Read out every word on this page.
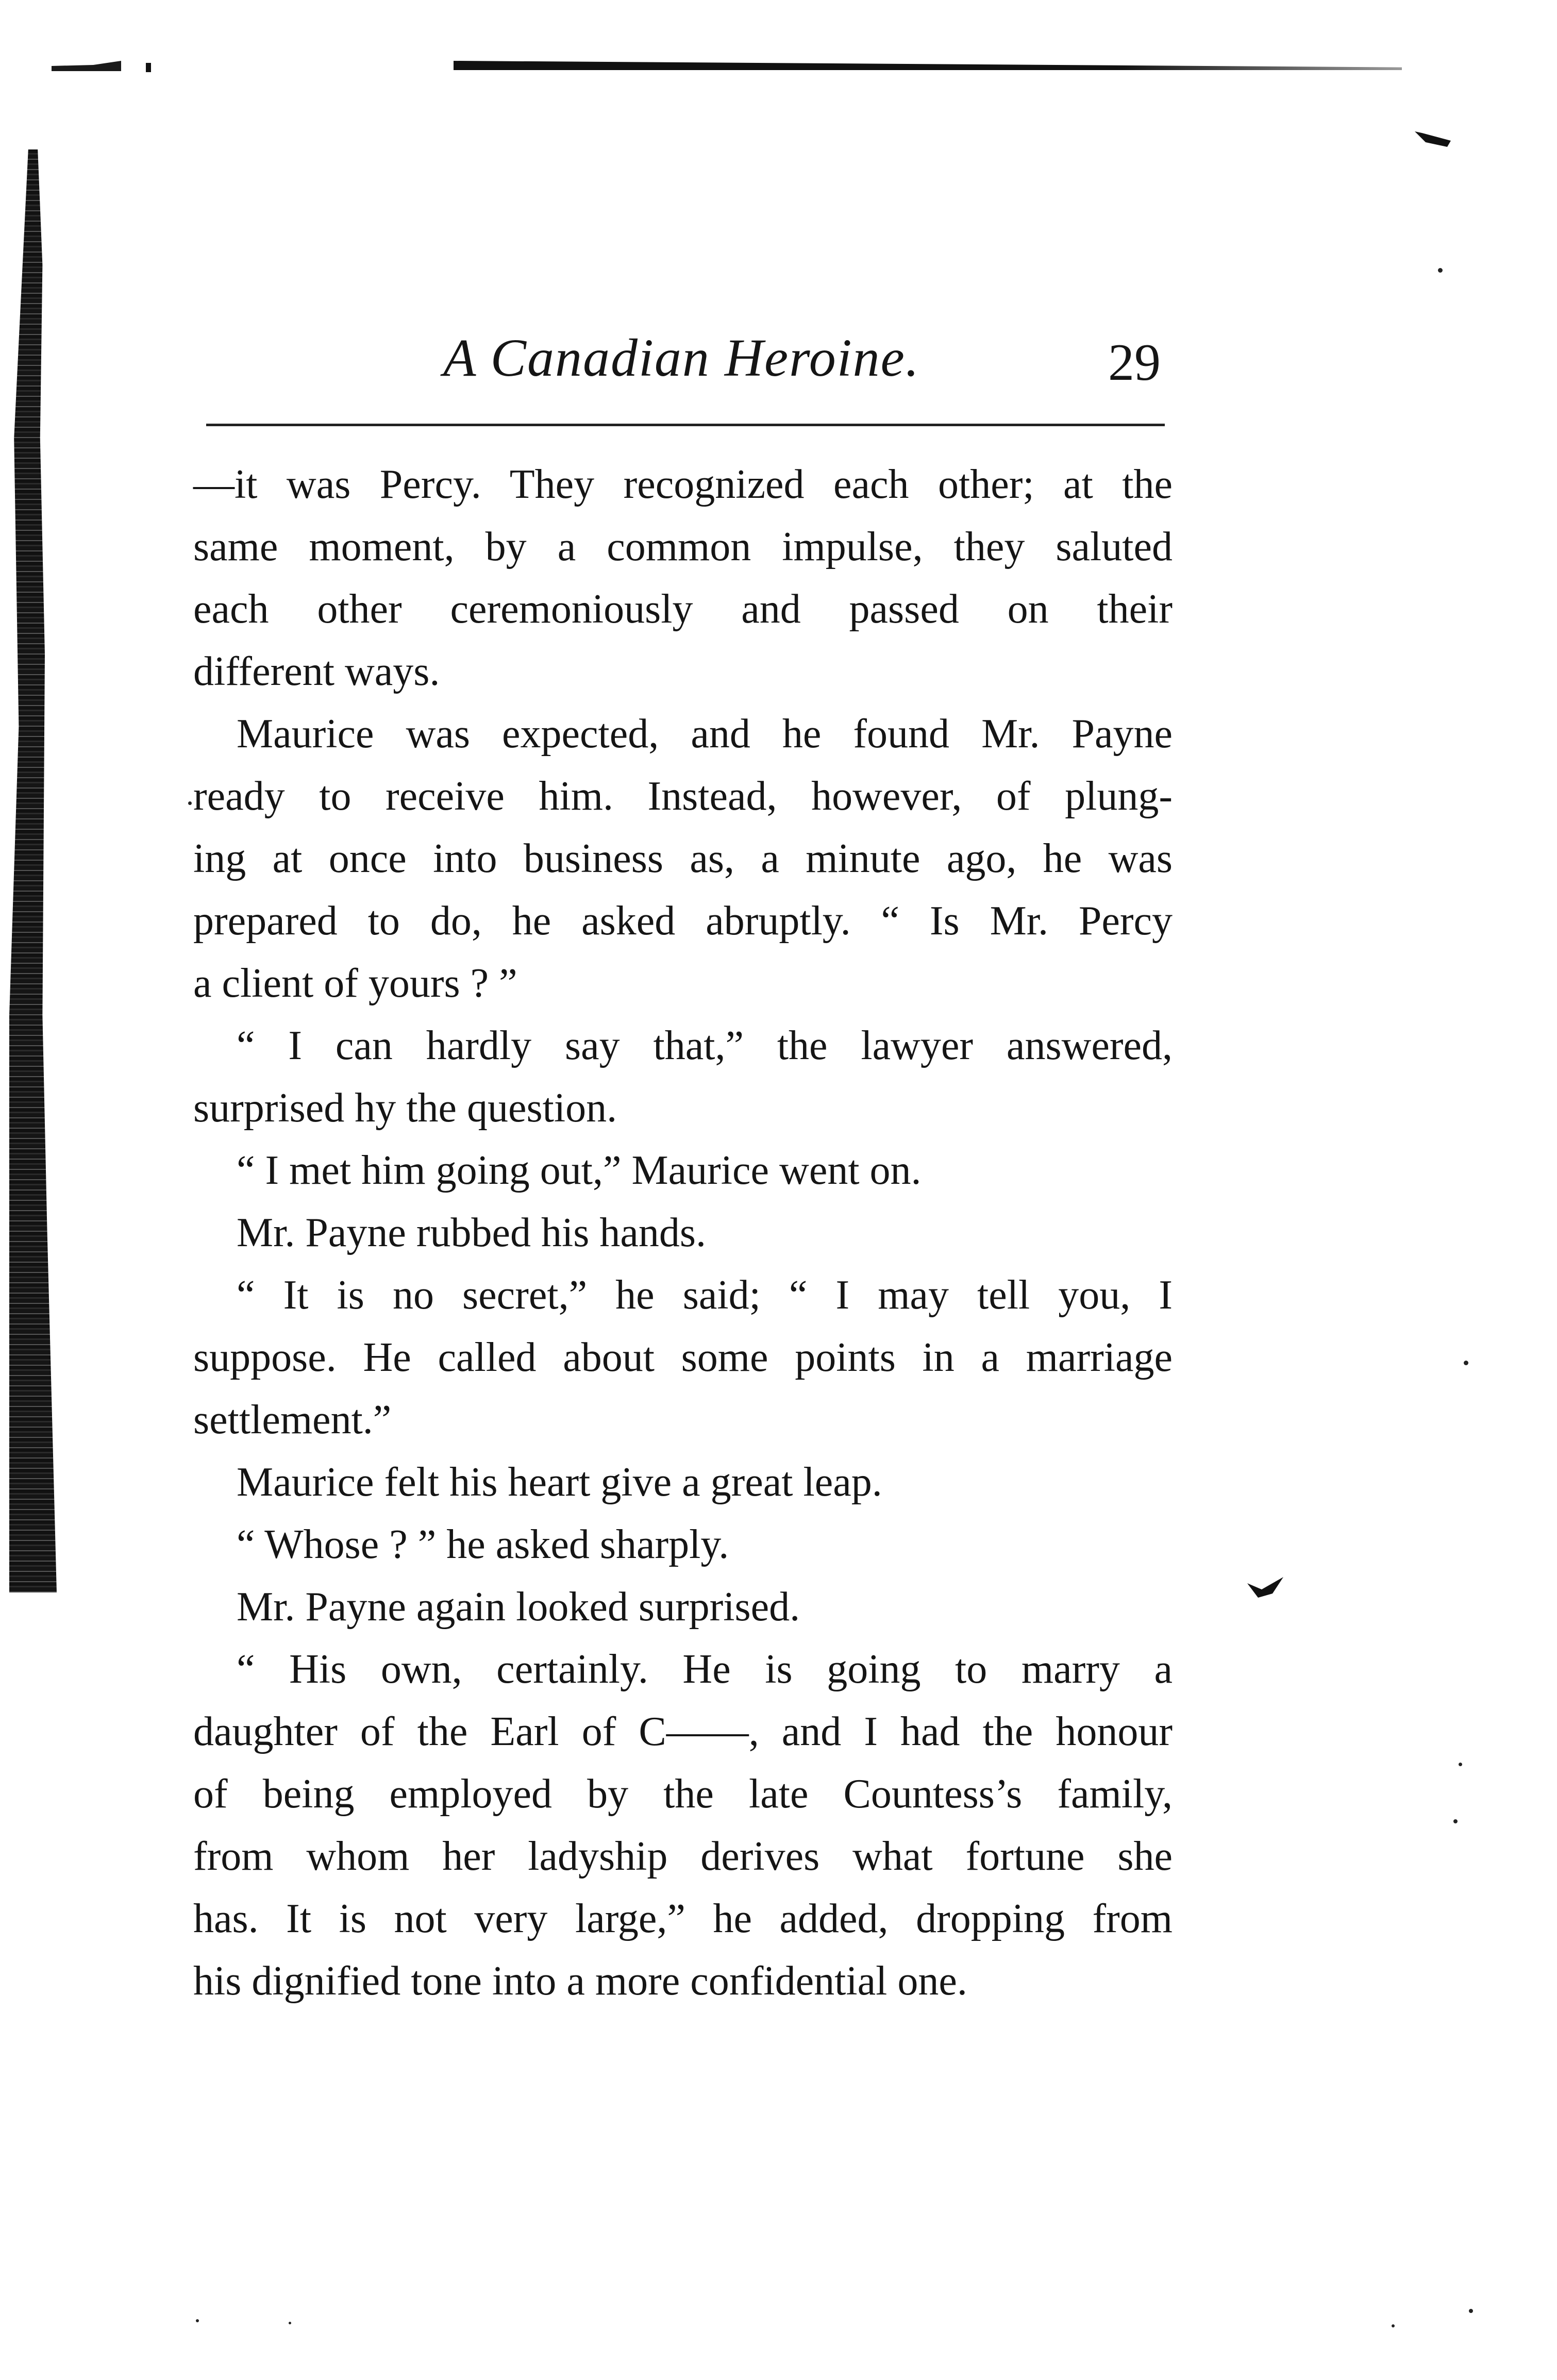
A Canadian Heroine.	29
—it was Percy. They recognized each other; at the
same moment, by a common impulse, they saluted
each other ceremoniously and passed on their
different ways.
Maurice was expected, and he found Mr. Payne
ready to receive him. Instead, however, of plung-
ing at once into business as, a minute ago, he was
prepared to do, he asked abruptly. “ Is Mr. Percy
a client of yours ? ”
“ I can hardly say that,” the lawyer answered,
surprised hy the question.
“ I met him going out,” Maurice went on.
Mr. Payne rubbed his hands.
“ It is no secret,” he said; “ I may tell you, I
suppose. He called about some points in a marriage
settlement.”
Maurice felt his heart give a great leap.
“ Whose ? ” he asked sharply.
Mr. Payne again looked surprised.
“ His own, certainly. He is going to marry a
daughter of the Earl of C——, and I had the honour
of being employed by the late Countess’s family,
from whom her ladyship derives what fortune she
has. It is not very large,” he added, dropping from
his dignified tone into a more confidential one.
